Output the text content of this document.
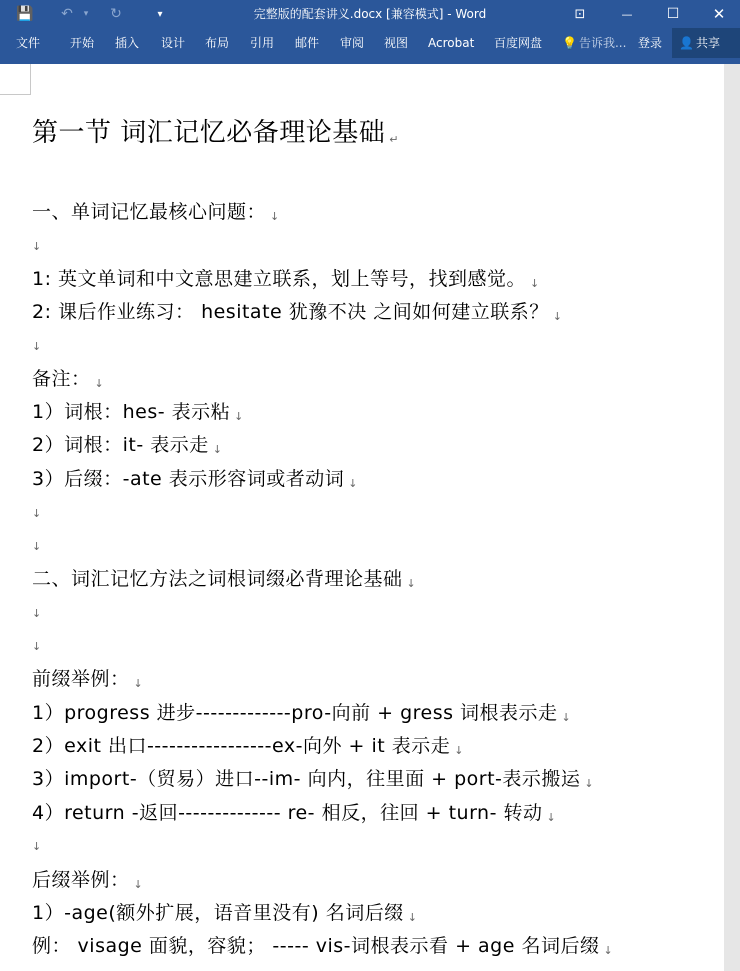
💾	↶	▾	↻	▾	完整版的配套讲义.docx [兼容模式] - Word	⊡	—	☐	✕
文件 开始 插入 设计 布局 引用 邮件 审阅 视图 Acrobat 百度网盘 💡 告诉我... 登录	👤 共享
第一节 词汇记忆必备理论基础 ↵
一、单词记忆最核心问题： ↓
↓
1: 英文单词和中文意思建立联系，划上等号，找到感觉。 ↓
2: 课后作业练习： hesitate 犹豫不决 之间如何建立联系？ ↓
↓
备注： ↓
1）词根：hes- 表示粘 ↓
2）词根：it- 表示走 ↓
3）后缀：-ate 表示形容词或者动词 ↓
↓
↓
二、词汇记忆方法之词根词缀必背理论基础 ↓
↓
↓
前缀举例： ↓
1）progress 进步-------------pro-向前 + gress 词根表示走 ↓
2）exit 出口-----------------ex-向外 + it 表示走 ↓
3）import-（贸易）进口--im- 向内，往里面 + port-表示搬运 ↓
4）return -返回-------------- re- 相反，往回 + turn- 转动 ↓
↓
后缀举例： ↓
1）-age(额外扩展，语音里没有) 名词后缀 ↓
例： visage 面貌，容貌； ----- vis-词根表示看 + age 名词后缀 ↓
